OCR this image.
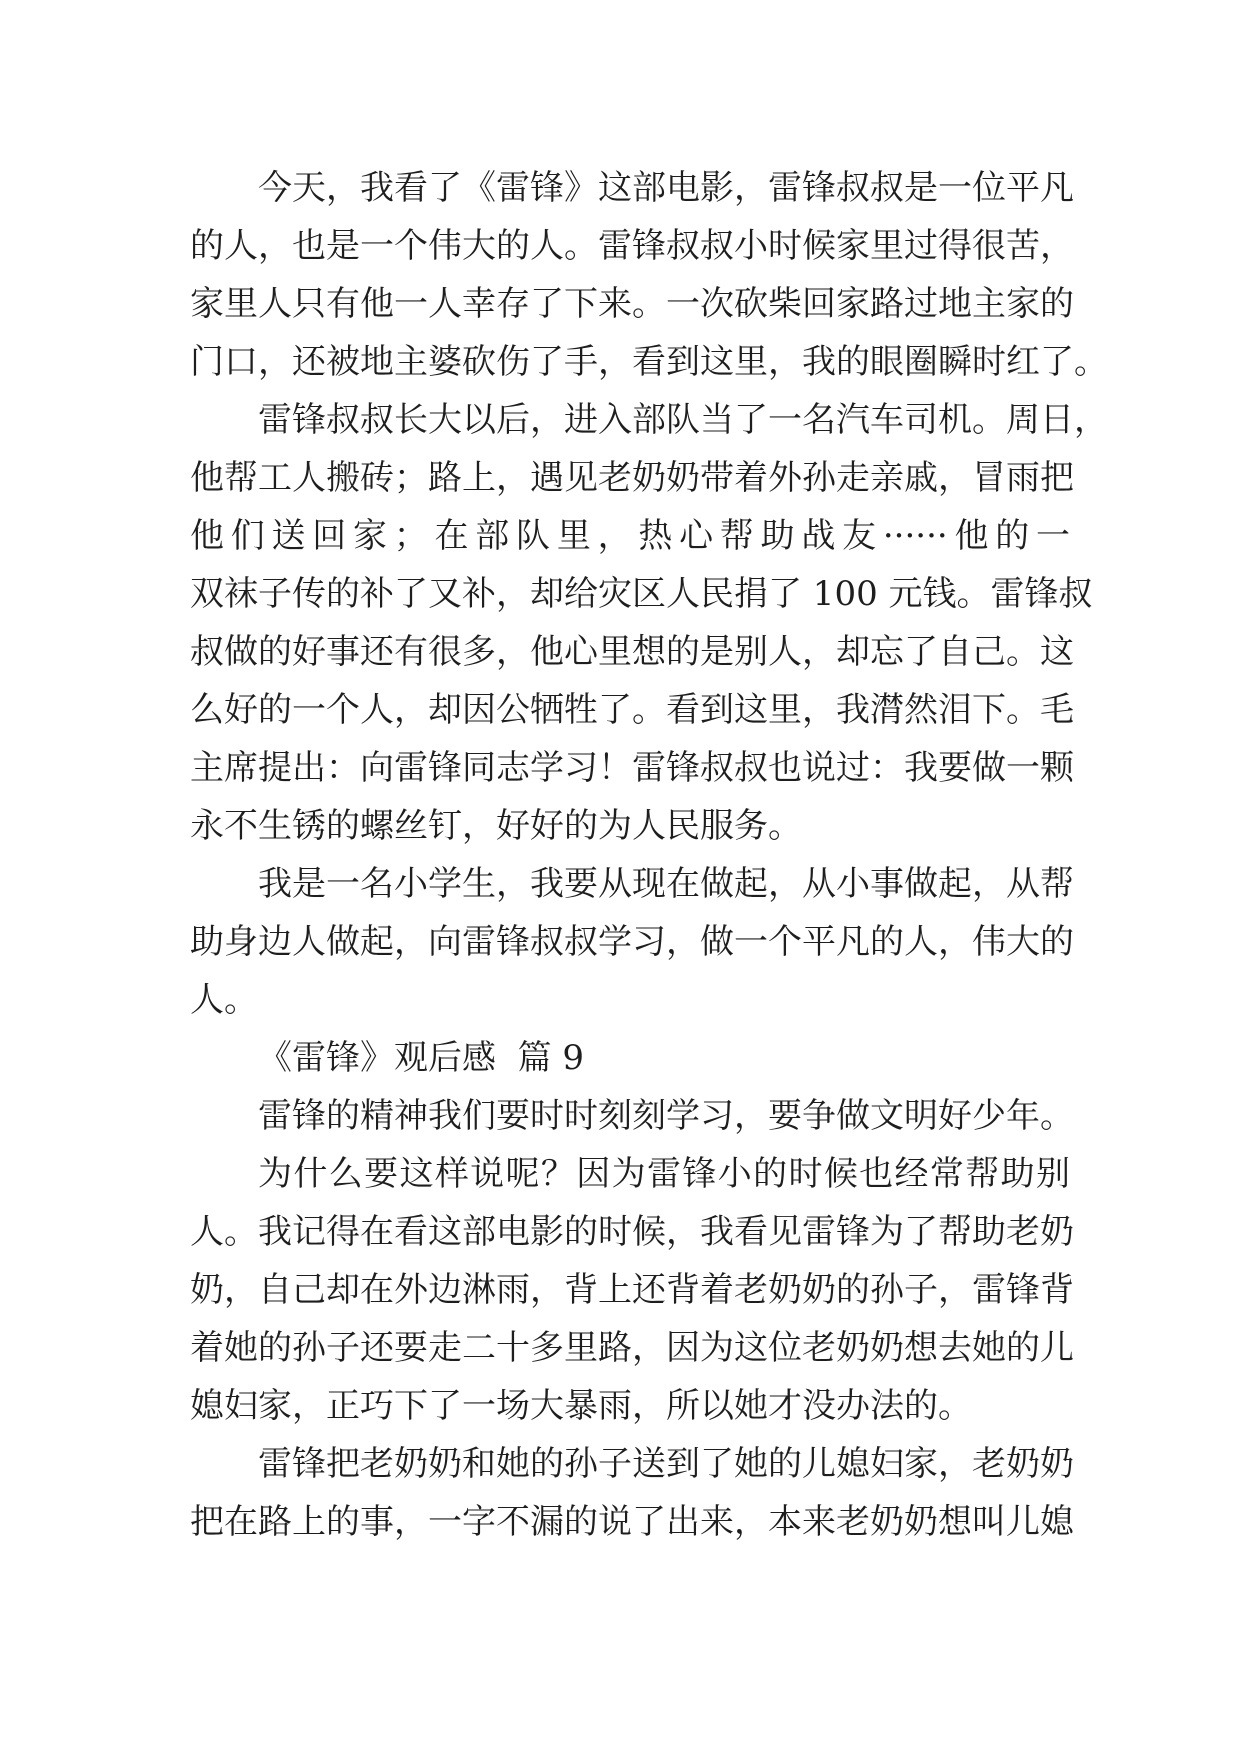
今天，我看了《雷锋》这部电影，雷锋叔叔是一位平凡
的人，也是一个伟大的人。雷锋叔叔小时候家里过得很苦，
家里人只有他一人幸存了下来。一次砍柴回家路过地主家的
门口，还被地主婆砍伤了手，看到这里，我的眼圈瞬时红了。
雷锋叔叔长大以后，进入部队当了一名汽车司机。周日，
他帮工人搬砖；路上，遇见老奶奶带着外孙走亲戚，冒雨把
他们送回家；在部队里，热心帮助战友······他的一
双袜子传的补了又补，却给灾区人民捐了 100 元钱。雷锋叔
叔做的好事还有很多，他心里想的是别人，却忘了自己。这
么好的一个人，却因公牺牲了。看到这里，我潸然泪下。毛
主席提出：向雷锋同志学习！雷锋叔叔也说过：我要做一颗
永不生锈的螺丝钉，好好的为人民服务。
我是一名小学生，我要从现在做起，从小事做起，从帮
助身边人做起，向雷锋叔叔学习，做一个平凡的人，伟大的
人。
《雷锋》观后感  篇 9
雷锋的精神我们要时时刻刻学习，要争做文明好少年。
为什么要这样说呢？因为雷锋小的时候也经常帮助别
人。我记得在看这部电影的时候，我看见雷锋为了帮助老奶
奶，自己却在外边淋雨，背上还背着老奶奶的孙子，雷锋背
着她的孙子还要走二十多里路，因为这位老奶奶想去她的儿
媳妇家，正巧下了一场大暴雨，所以她才没办法的。
雷锋把老奶奶和她的孙子送到了她的儿媳妇家，老奶奶
把在路上的事，一字不漏的说了出来，本来老奶奶想叫儿媳
